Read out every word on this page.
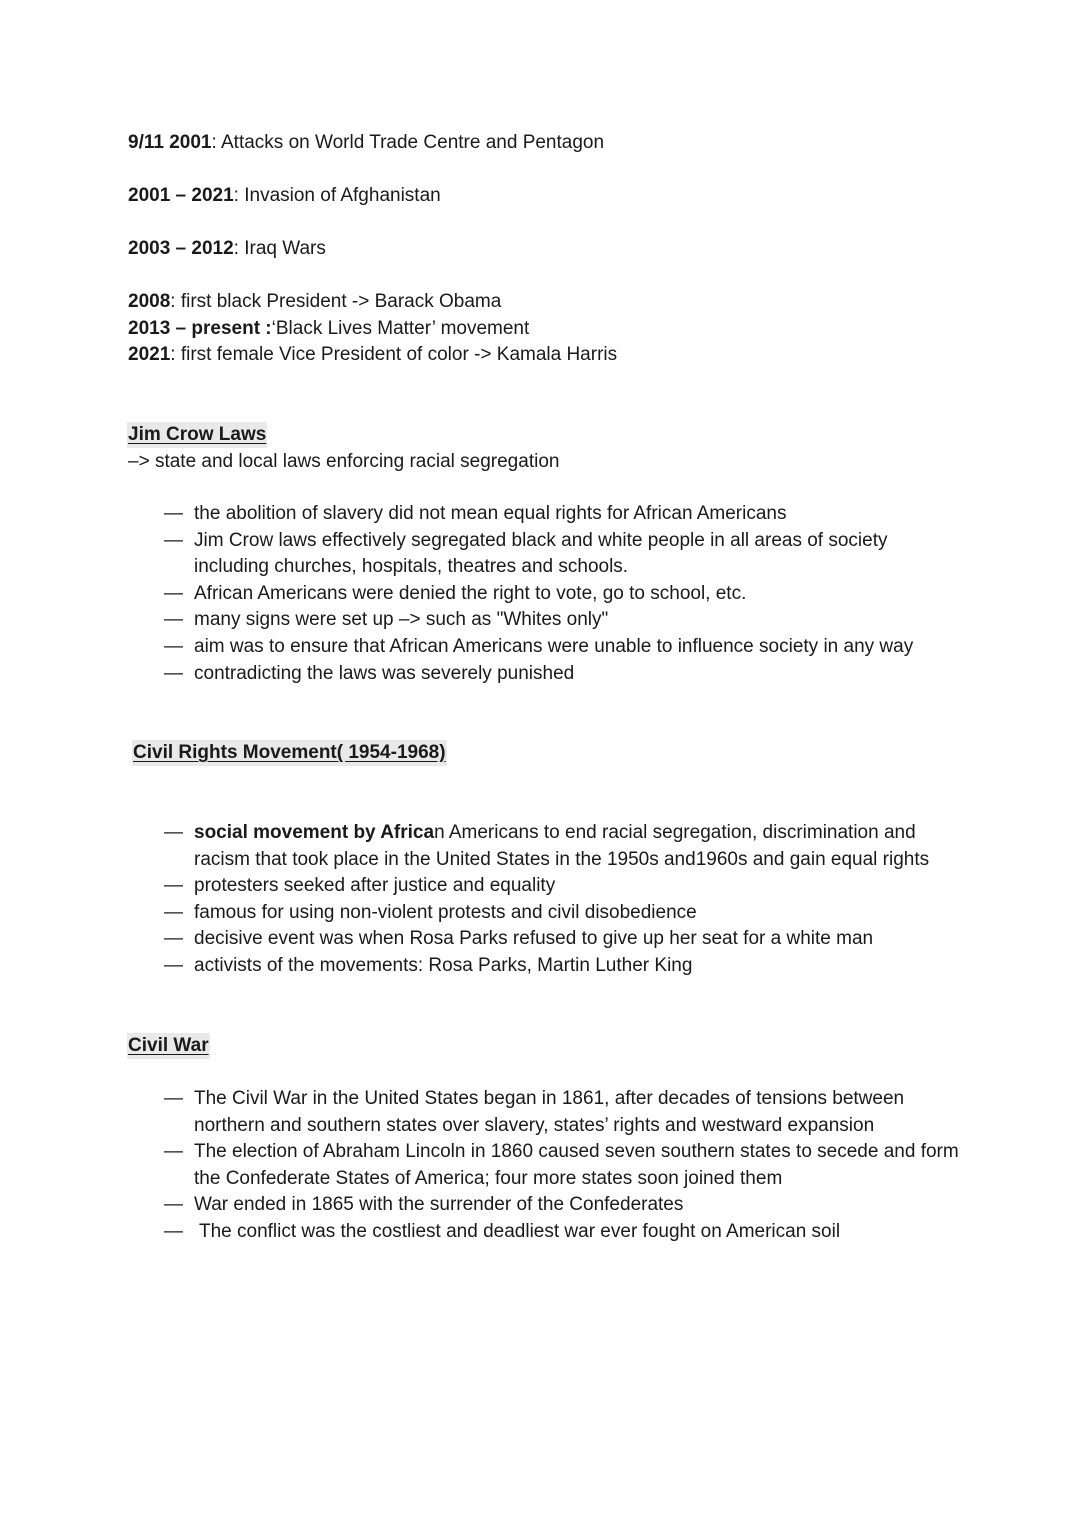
9/11 2001: Attacks on World Trade Centre and Pentagon
2001 – 2021: Invasion of Afghanistan
2003 – 2012: Iraq Wars
2008: first black President -> Barack Obama
2013 – present :‘Black Lives Matter’ movement
2021: first female Vice President of color -> Kamala Harris
Jim Crow Laws
–> state and local laws enforcing racial segregation
— the abolition of slavery did not mean equal rights for African Americans
— Jim Crow laws effectively segregated black and white people in all areas of society including churches, hospitals, theatres and schools.
— African Americans were denied the right to vote, go to school, etc.
— many signs were set up –> such as "Whites only"
— aim was to ensure that African Americans were unable to influence society in any way
— contradicting the laws was severely punished
Civil Rights Movement( 1954-1968)
— social movement by African Americans to end racial segregation, discrimination and racism that took place in the United States in the 1950s and1960s and gain equal rights
— protesters seeked after justice and equality
— famous for using non-violent protests and civil disobedience
— decisive event was when Rosa Parks refused to give up her seat for a white man
— activists of the movements: Rosa Parks, Martin Luther King
Civil War
— The Civil War in the United States began in 1861, after decades of tensions between northern and southern states over slavery, states’ rights and westward expansion
— The election of Abraham Lincoln in 1860 caused seven southern states to secede and form the Confederate States of America; four more states soon joined them
— War ended in 1865 with the surrender of the Confederates
— The conflict was the costliest and deadliest war ever fought on American soil
